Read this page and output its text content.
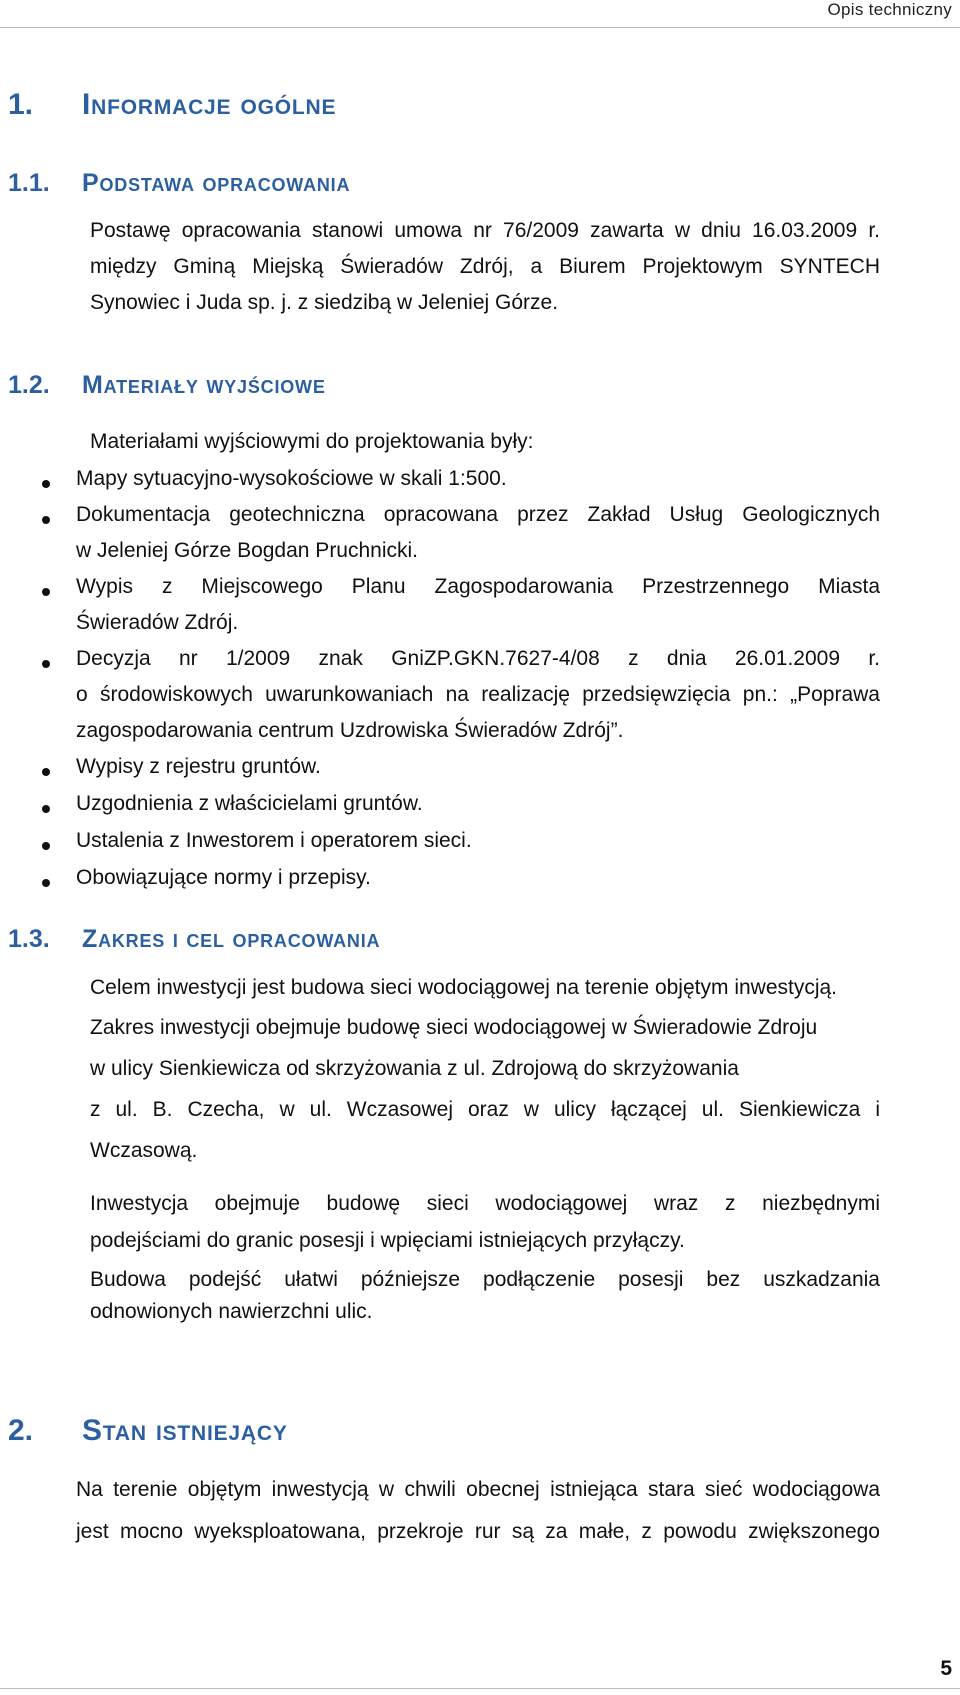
Opis techniczny
1. Informacje ogólne
1.1. Podstawa opracowania
Postawę opracowania stanowi umowa nr 76/2009 zawarta w dniu 16.03.2009 r.
między Gminą Miejską Świeradów Zdrój, a Biurem Projektowym SYNTECH
Synowiec i Juda sp. j. z siedzibą w Jeleniej Górze.
1.2. Materiały wyjściowe
Materiałami wyjściowymi do projektowania były:
Mapy sytuacyjno-wysokościowe w skali 1:500.
Dokumentacja geotechniczna opracowana przez Zakład Usług Geologicznych
w Jeleniej Górze Bogdan Pruchnicki.
Wypis z Miejscowego Planu Zagospodarowania Przestrzennego Miasta
Świeradów Zdrój.
Decyzja nr 1/2009 znak GniZP.GKN.7627-4/08 z dnia 26.01.2009 r.
o środowiskowych uwarunkowaniach na realizację przedsięwzięcia pn.: „Poprawa
zagospodarowania centrum Uzdrowiska Świeradów Zdrój”.
Wypisy z rejestru gruntów.
Uzgodnienia z właścicielami gruntów.
Ustalenia z Inwestorem i operatorem sieci.
Obowiązujące normy i przepisy.
1.3. Zakres i cel opracowania
Celem inwestycji jest budowa sieci wodociągowej na terenie objętym inwestycją.
Zakres inwestycji obejmuje budowę sieci wodociągowej w Świeradowie Zdroju
w ulicy Sienkiewicza od skrzyżowania z ul. Zdrojową do skrzyżowania
z ul. B. Czecha, w ul. Wczasowej oraz w ulicy łączącej ul. Sienkiewicza i
Wczasową.
Inwestycja obejmuje budowę sieci wodociągowej wraz z niezbędnymi
podejściami do granic posesji i wpięciami istniejących przyłączy.
Budowa podejść ułatwi późniejsze podłączenie posesji bez uszkadzania
odnowionych nawierzchni ulic.
2. Stan istniejący
Na terenie objętym inwestycją w chwili obecnej istniejąca stara sieć wodociągowa
jest mocno wyeksploatowana, przekroje rur są za małe, z powodu zwiększonego
5
